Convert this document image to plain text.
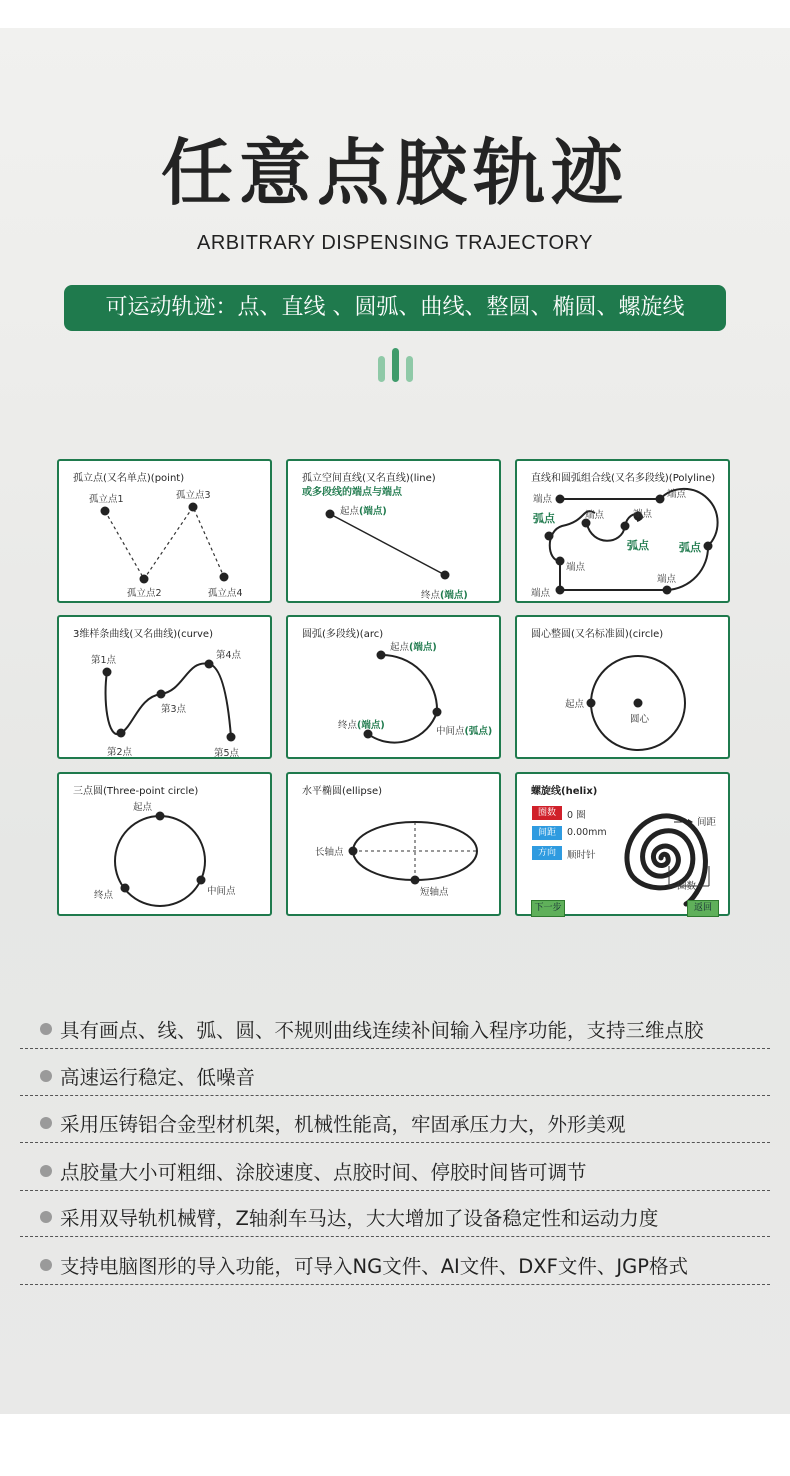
任意点胶轨迹
ARBITRARY DISPENSING TRAJECTORY
可运动轨迹：点、直线 、圆弧、曲线、整圆、椭圆、螺旋线
孤立点(又名单点)(point)
孤立点1
孤立点2
孤立点3
孤立点4
孤立空间直线(又名直线)(line)
或多段线的端点与端点
起点(端点)
终点(端点)
直线和圆弧组合线(又名多段线)(Polyline)
端点	端点
端点	端点
端点
端点
端点
弧点
弧点	弧点
3维样条曲线(又名曲线)(curve)
第1点
第2点
第3点
第4点
第5点
圆弧(多段线)(arc)
起点(端点)
终点(端点)
中间点(弧点)
圆心整圆(又名标准圆)(circle)
起点
圆心
三点圆(Three-point circle)
起点
终点	中间点
水平椭圆(ellipse)
长轴点
短轴点
螺旋线(helix)
圈数	0 圈
间距	0.00mm
方向	顺时针
间距
圈数
下一步	返回
具有画点、线、弧、圆、不规则曲线连续补间输入程序功能，支持三维点胶
高速运行稳定、低噪音
采用压铸铝合金型材机架，机械性能高，牢固承压力大，外形美观
点胶量大小可粗细、涂胶速度、点胶时间、停胶时间皆可调节
采用双导轨机械臂，Z轴刹车马达，大大增加了设备稳定性和运动力度
支持电脑图形的导入功能，可导入NG文件、AI文件、DXF文件、JGP格式
